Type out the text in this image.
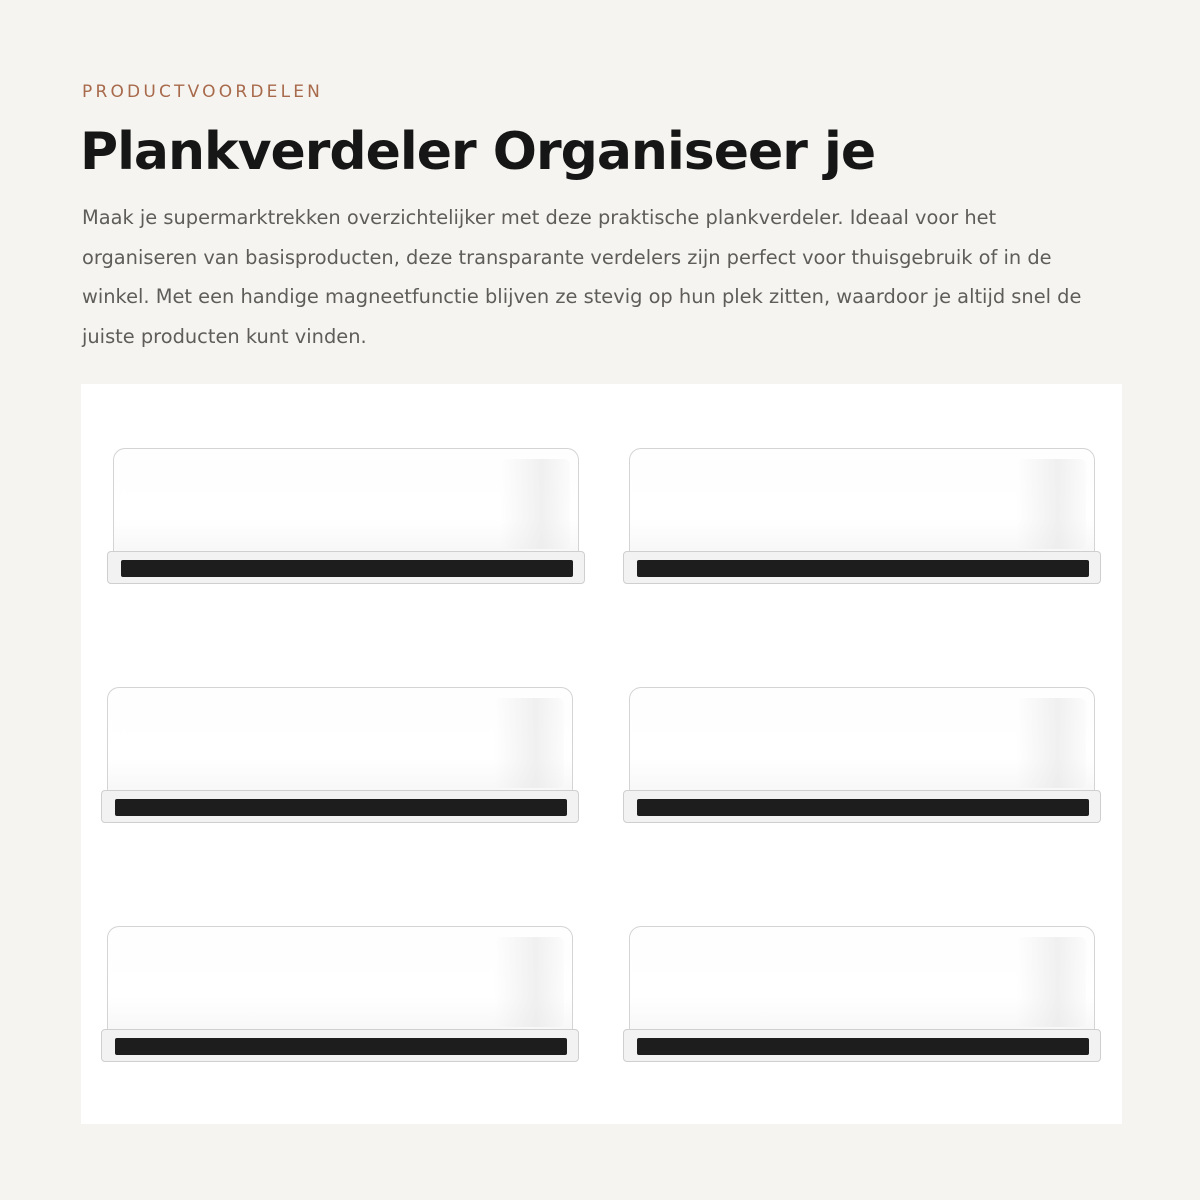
PRODUCTVOORDELEN
Plankverdeler Organiseer je

Maak je supermarktrekken overzichtelijker met deze praktische plankverdeler. Ideaal voor het organiseren van basisproducten, deze transparante verdelers zijn perfect voor thuisgebruik of in de winkel. Met een handige magneetfunctie blijven ze stevig op hun plek zitten, waardoor je altijd snel de juiste producten kunt vinden.
